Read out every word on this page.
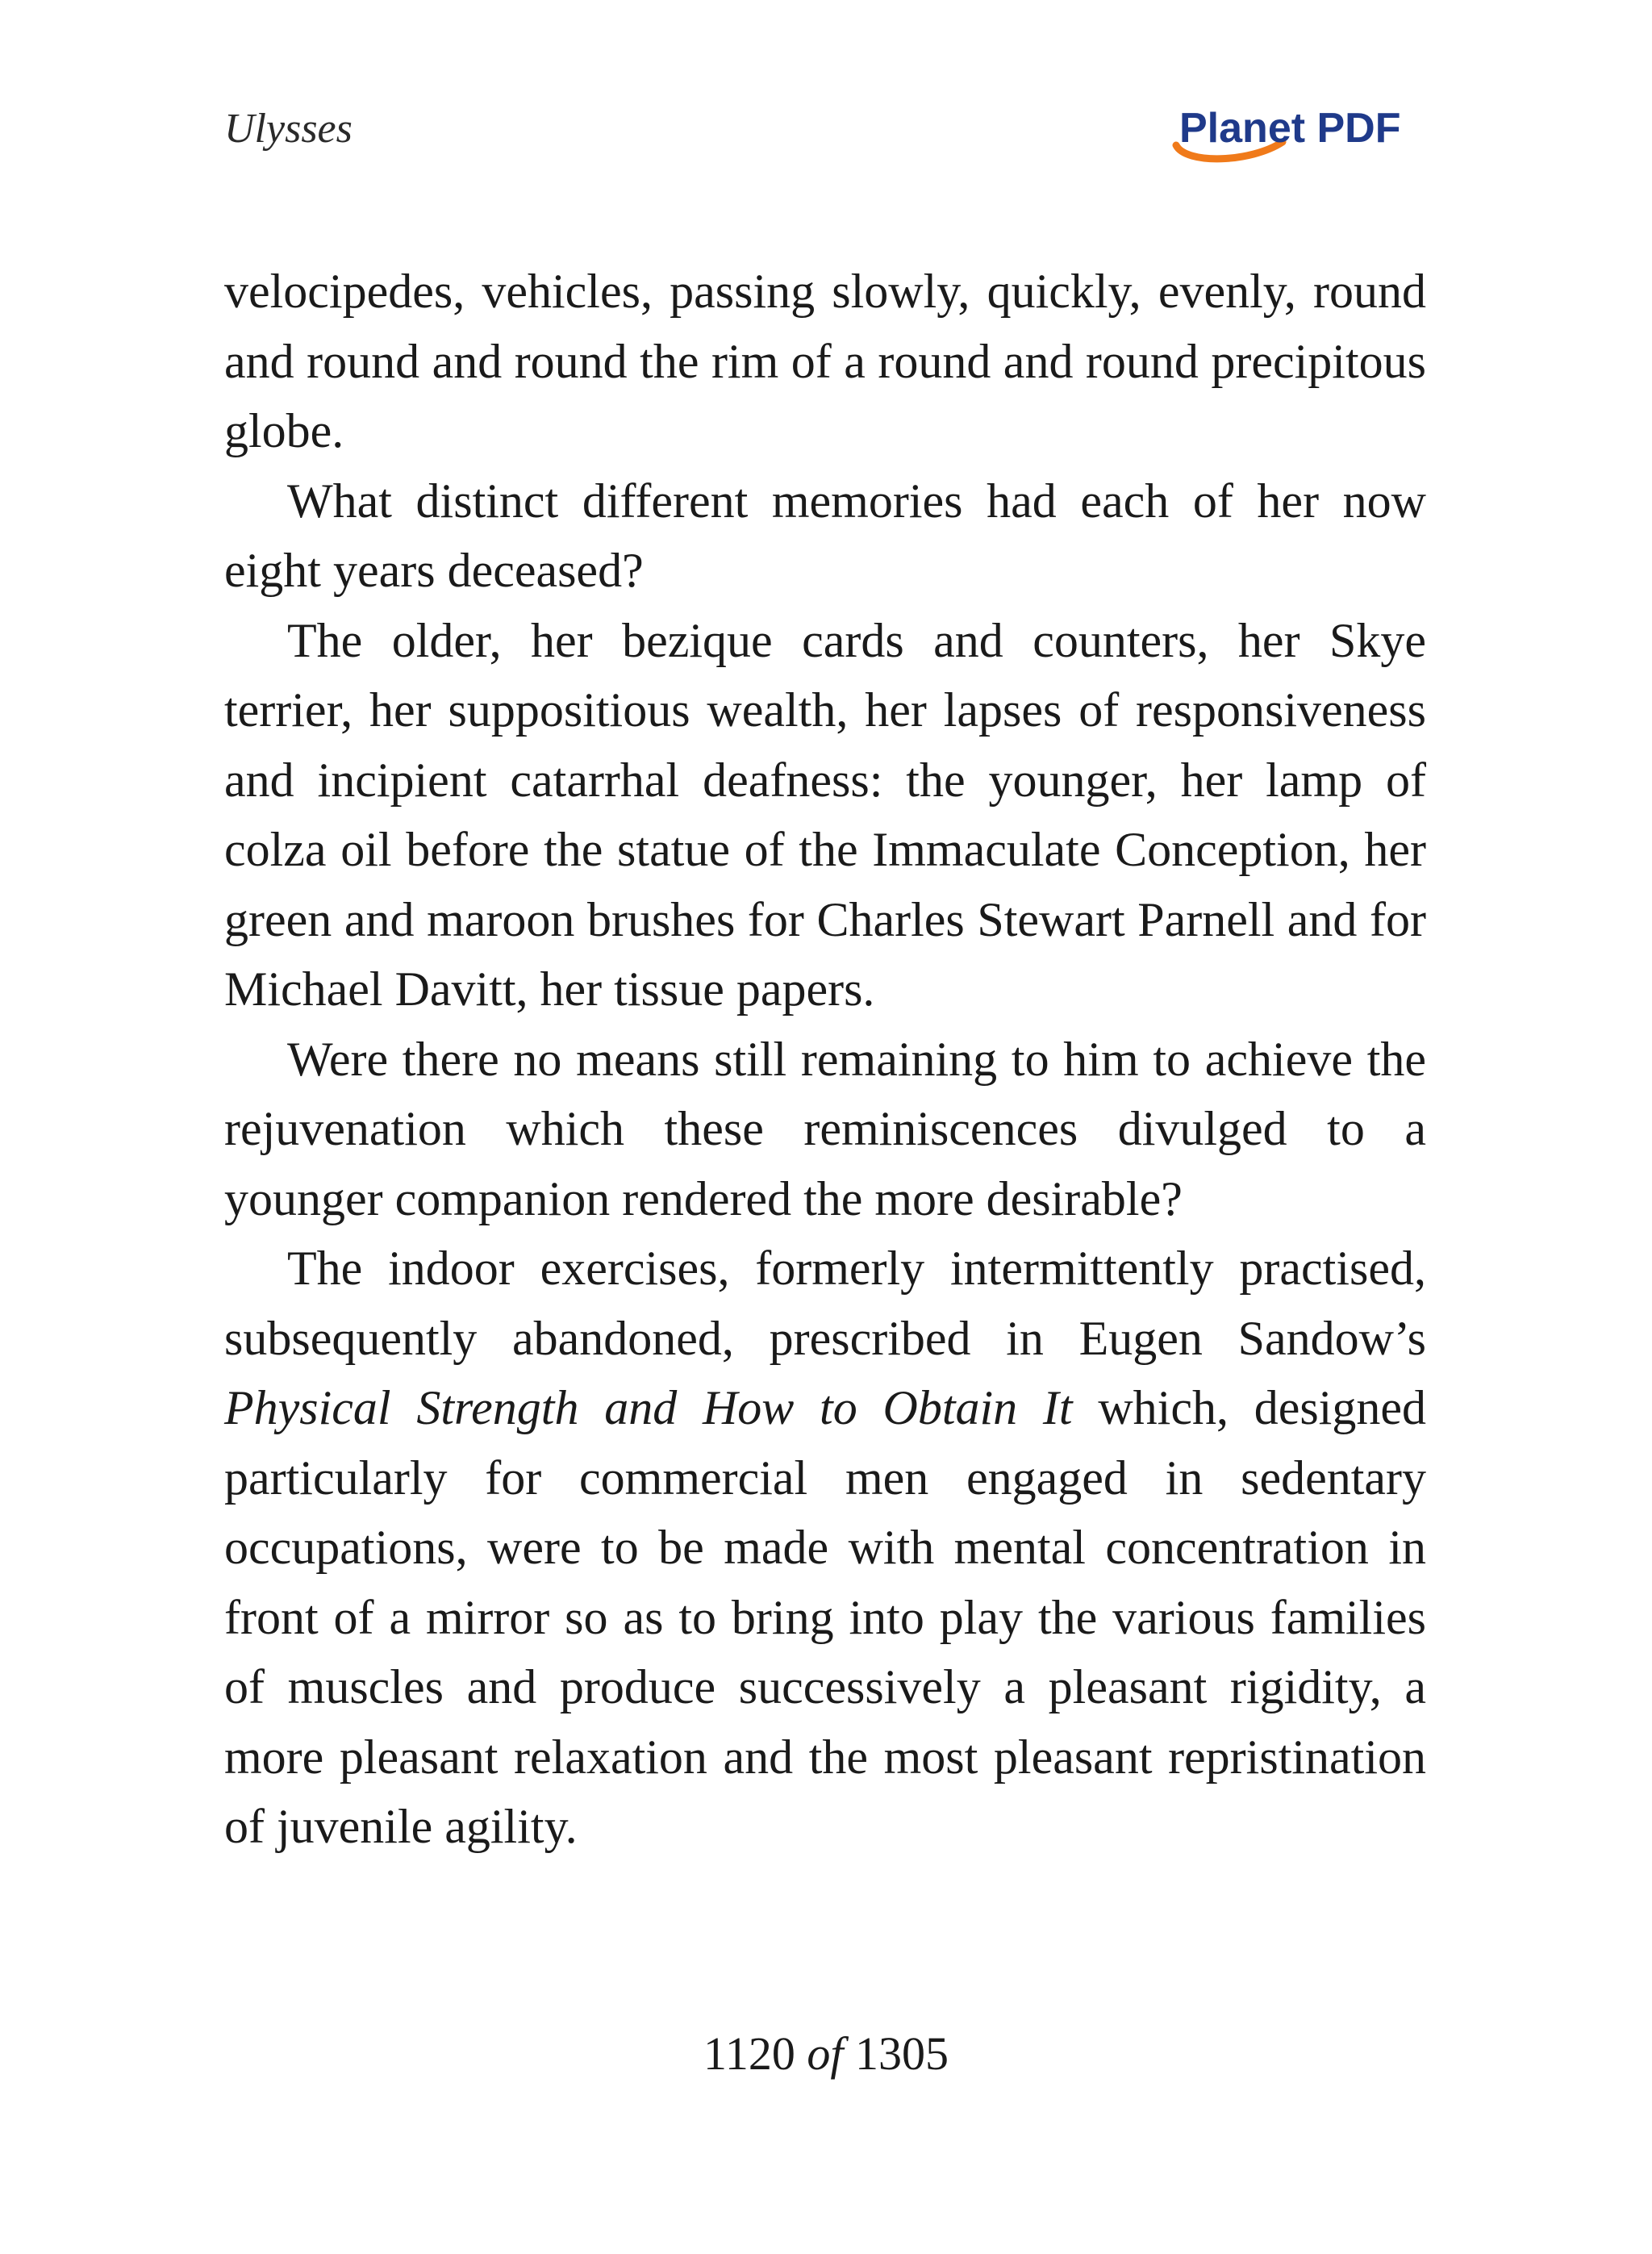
Ulysses	Planet PDF

velocipedes, vehicles, passing slowly, quickly, evenly, round and round and round the rim of a round and round precipitous globe.

What distinct different memories had each of her now eight years deceased?

The older, her bezique cards and counters, her Skye terrier, her suppositious wealth, her lapses of responsiveness and incipient catarrhal deafness: the younger, her lamp of colza oil before the statue of the Immaculate Conception, her green and maroon brushes for Charles Stewart Parnell and for Michael Davitt, her tissue papers.

Were there no means still remaining to him to achieve the rejuvenation which these reminiscences divulged to a younger companion rendered the more desirable?

The indoor exercises, formerly intermittently practised, subsequently abandoned, prescribed in Eugen Sandow’s Physical Strength and How to Obtain It which, designed particularly for commercial men engaged in sedentary occupations, were to be made with mental concentration in front of a mirror so as to bring into play the various families of muscles and produce successively a pleasant rigidity, a more pleasant relaxation and the most pleasant repristination of juvenile agility.

1120 of 1305
